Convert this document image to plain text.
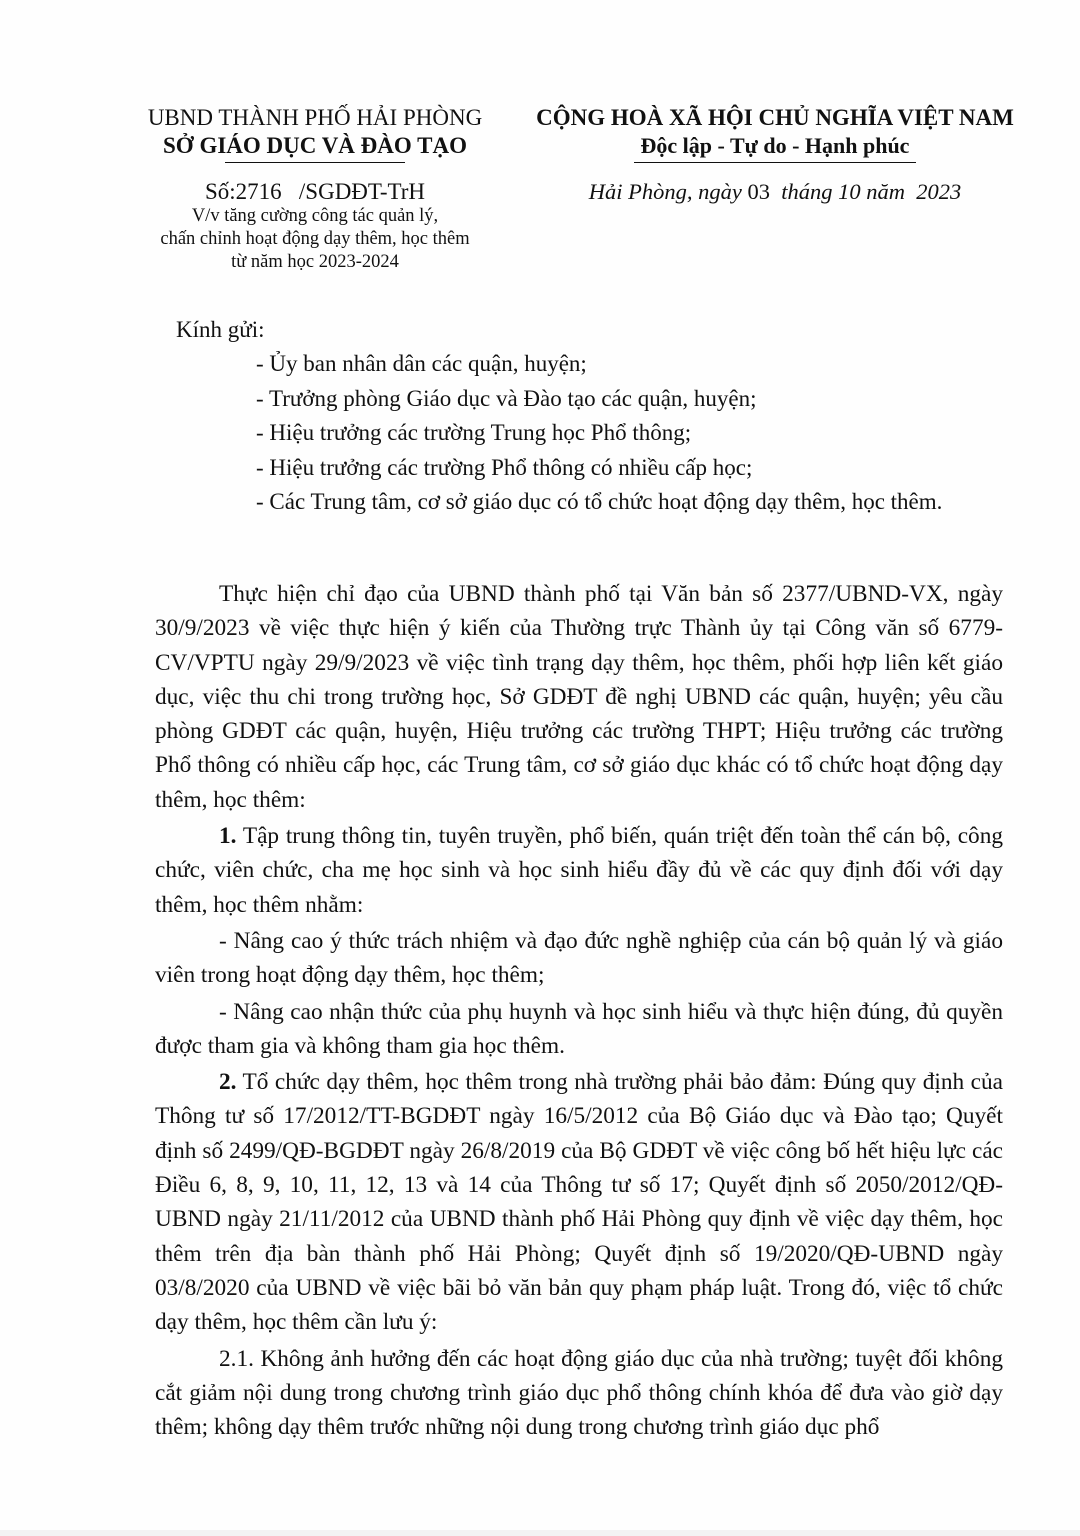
UBND THÀNH PHỐ HẢI PHÒNG
SỞ GIÁO DỤC VÀ ĐÀO TẠO
Số:2716 /SGDĐT-TrH
V/v tăng cường công tác quản lý,
chấn chỉnh hoạt động dạy thêm, học thêm
từ năm học 2023-2024
CỘNG HOÀ XÃ HỘI CHỦ NGHĨA VIỆT NAM
Độc lập - Tự do - Hạnh phúc
Hải Phòng, ngày 03 tháng 10 năm 2023
Kính gửi:
- Ủy ban nhân dân các quận, huyện;
- Trưởng phòng Giáo dục và Đào tạo các quận, huyện;
- Hiệu trưởng các trường Trung học Phổ thông;
- Hiệu trưởng các trường Phổ thông có nhiều cấp học;
- Các Trung tâm, cơ sở giáo dục có tổ chức hoạt động dạy thêm, học thêm.

Thực hiện chỉ đạo của UBND thành phố tại Văn bản số 2377/UBND-VX, ngày 30/9/2023 về việc thực hiện ý kiến của Thường trực Thành ủy tại Công văn số 6779- CV/VPTU ngày 29/9/2023 về việc tình trạng dạy thêm, học thêm, phối hợp liên kết giáo dục, việc thu chi trong trường học, Sở GDĐT đề nghị UBND các quận, huyện; yêu cầu phòng GDĐT các quận, huyện, Hiệu trưởng các trường THPT; Hiệu trưởng các trường Phổ thông có nhiều cấp học, các Trung tâm, cơ sở giáo dục khác có tổ chức hoạt động dạy thêm, học thêm:

1. Tập trung thông tin, tuyên truyền, phổ biến, quán triệt đến toàn thể cán bộ, công chức, viên chức, cha mẹ học sinh và học sinh hiểu đầy đủ về các quy định đối với dạy thêm, học thêm nhằm:

- Nâng cao ý thức trách nhiệm và đạo đức nghề nghiệp của cán bộ quản lý và giáo viên trong hoạt động dạy thêm, học thêm;

- Nâng cao nhận thức của phụ huynh và học sinh hiểu và thực hiện đúng, đủ quyền được tham gia và không tham gia học thêm.

2. Tổ chức dạy thêm, học thêm trong nhà trường phải bảo đảm: Đúng quy định của Thông tư số 17/2012/TT-BGDĐT ngày 16/5/2012 của Bộ Giáo dục và Đào tạo; Quyết định số 2499/QĐ-BGDĐT ngày 26/8/2019 của Bộ GDĐT về việc công bố hết hiệu lực các Điều 6, 8, 9, 10, 11, 12, 13 và 14 của Thông tư số 17; Quyết định số 2050/2012/QĐ-UBND ngày 21/11/2012 của UBND thành phố Hải Phòng quy định về việc dạy thêm, học thêm trên địa bàn thành phố Hải Phòng; Quyết định số 19/2020/QĐ-UBND ngày 03/8/2020 của UBND về việc bãi bỏ văn bản quy phạm pháp luật. Trong đó, việc tổ chức dạy thêm, học thêm cần lưu ý:

2.1. Không ảnh hưởng đến các hoạt động giáo dục của nhà trường; tuyệt đối không cắt giảm nội dung trong chương trình giáo dục phổ thông chính khóa để đưa vào giờ dạy thêm; không dạy thêm trước những nội dung trong chương trình giáo dục phổ
